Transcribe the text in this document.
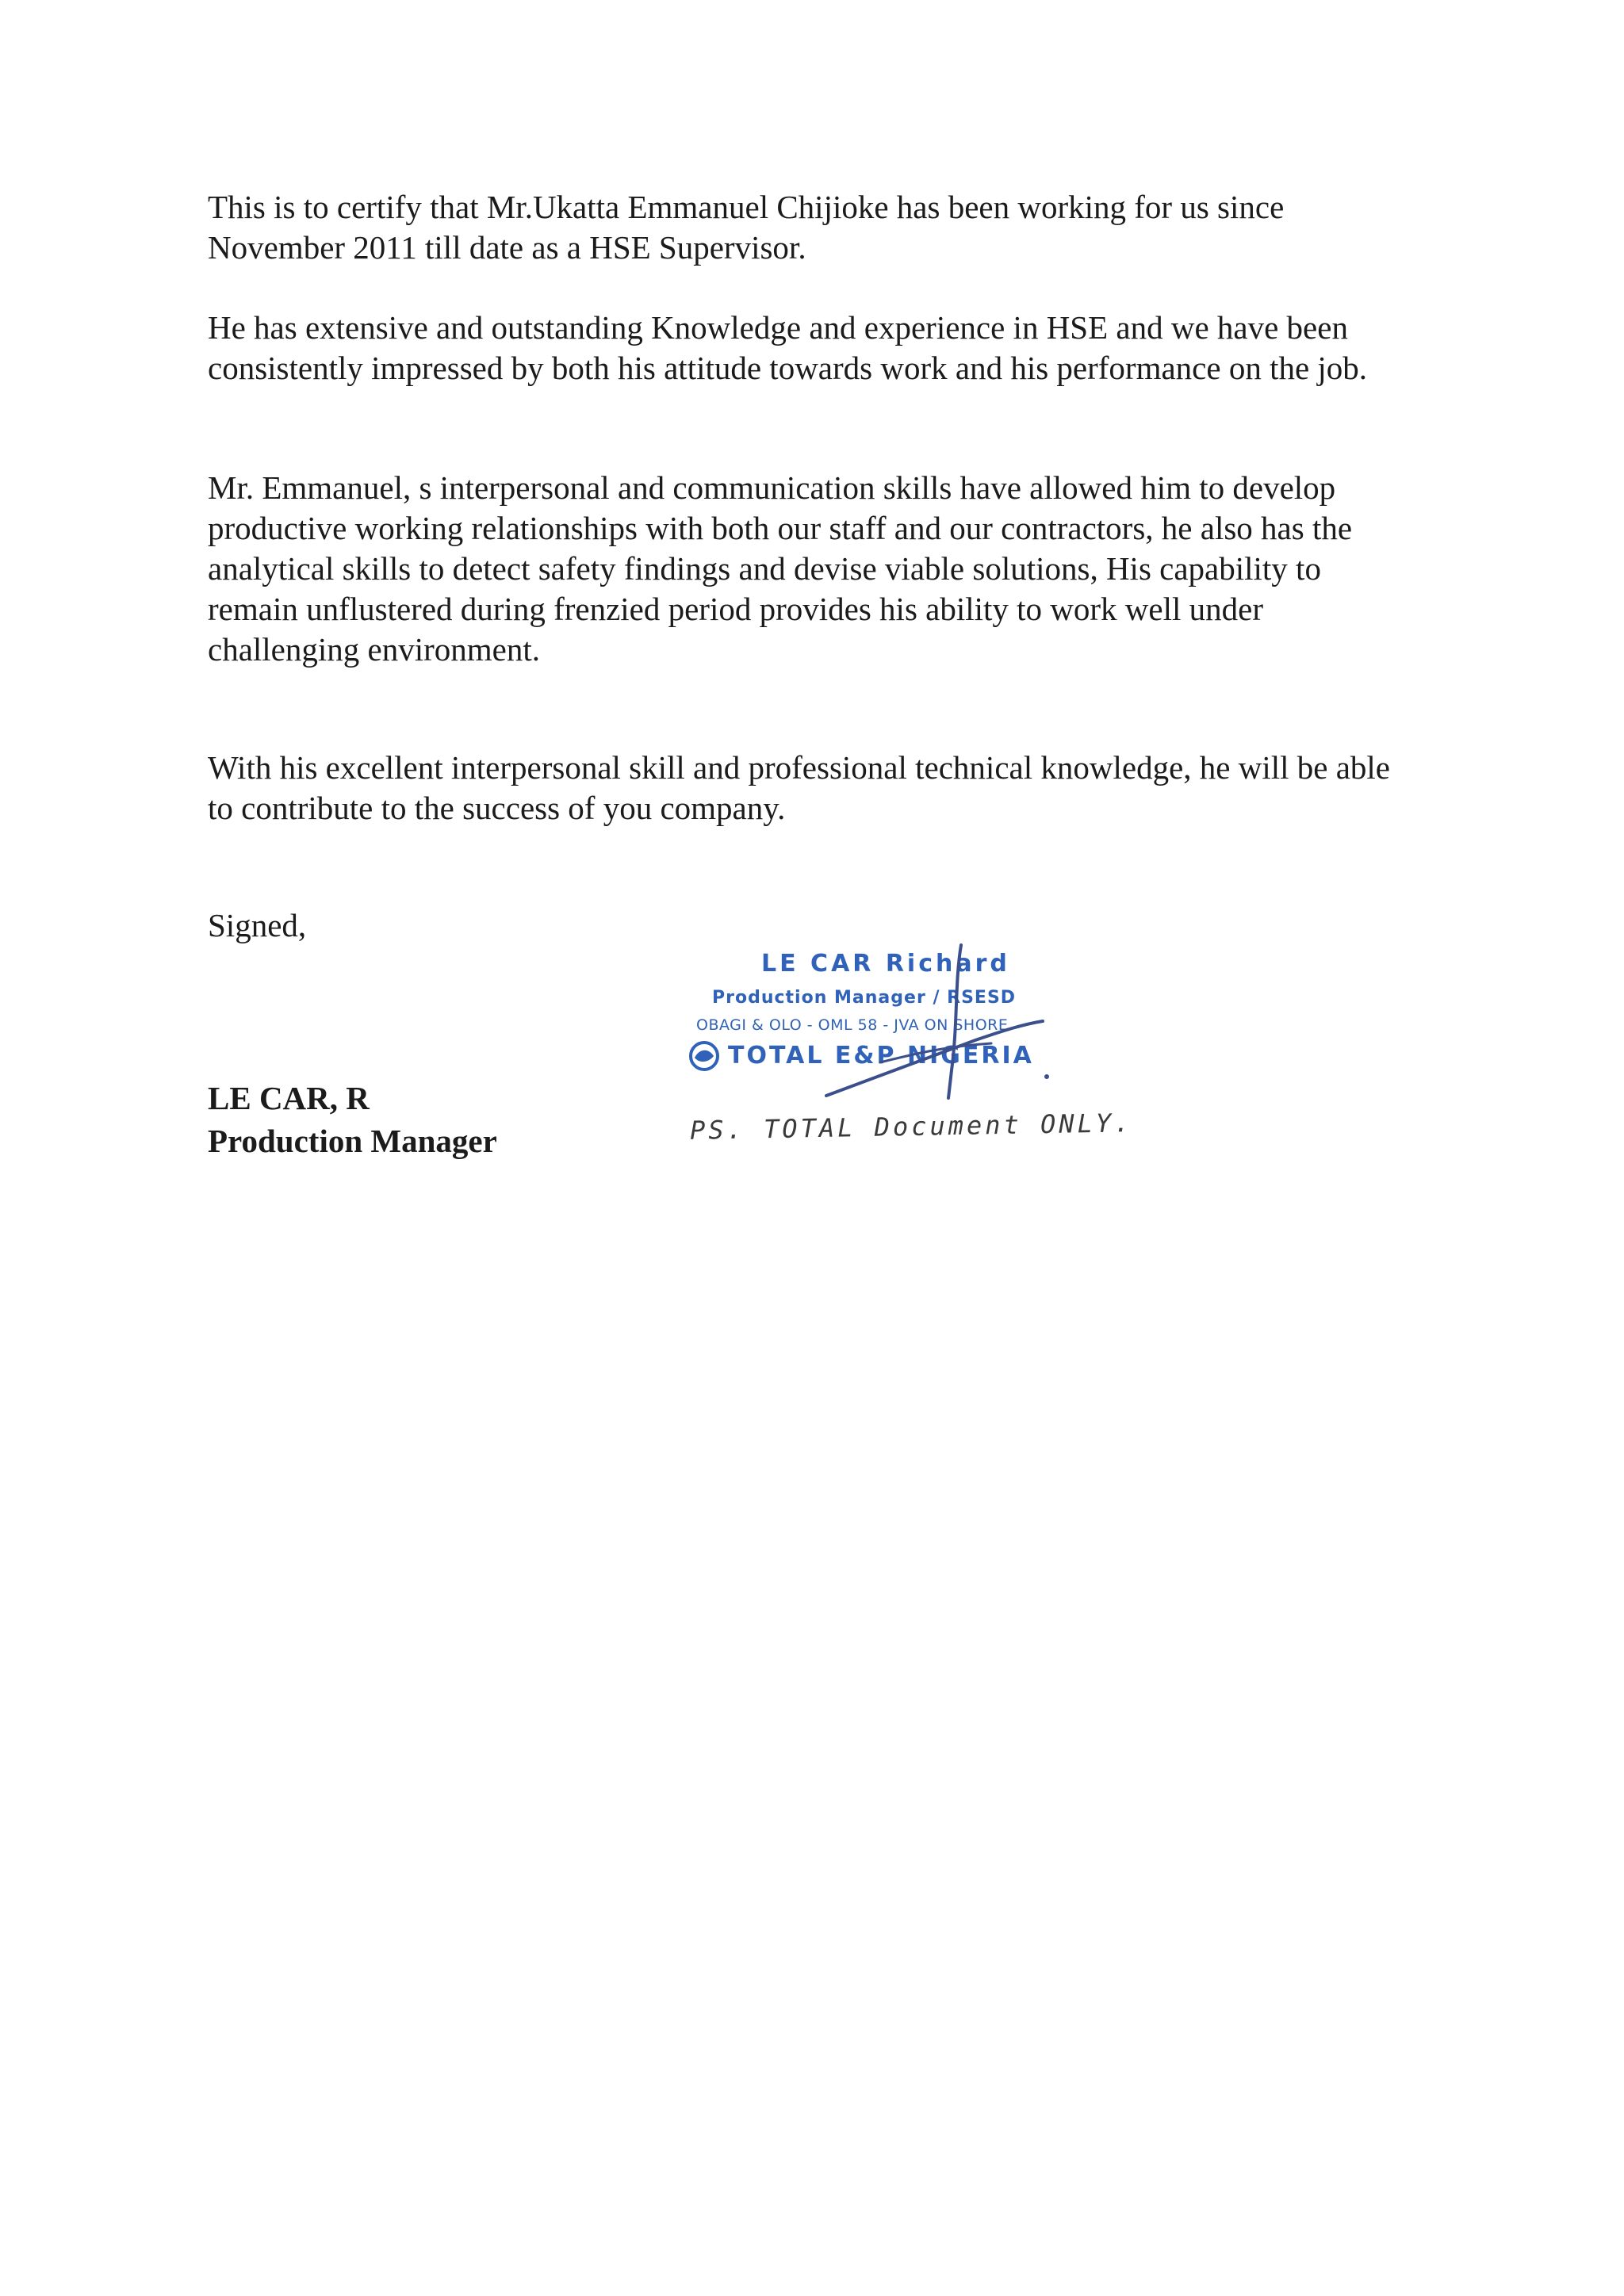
This is to certify that Mr.Ukatta Emmanuel Chijioke has been working for us since November 2011 till date as a HSE Supervisor.

He has extensive and outstanding Knowledge and experience in HSE and we have been consistently impressed by both his attitude towards work and his performance on the job.

Mr. Emmanuel, s interpersonal and communication skills have allowed him to develop productive working relationships with both our staff and our contractors, he also has the analytical skills to detect safety findings and devise viable solutions, His capability to remain unflustered during frenzied period provides his ability to work well under challenging environment.

With his excellent interpersonal skill and professional technical knowledge, he will be able to contribute to the success of you company.

Signed,

LE CAR, R

Production Manager

LE CAR Richard
Production Manager / RSESD
OBAGI & OLO - OML 58 - JVA ON SHORE
TOTAL E&P NIGERIA
PS. TOTAL Document ONLY.
